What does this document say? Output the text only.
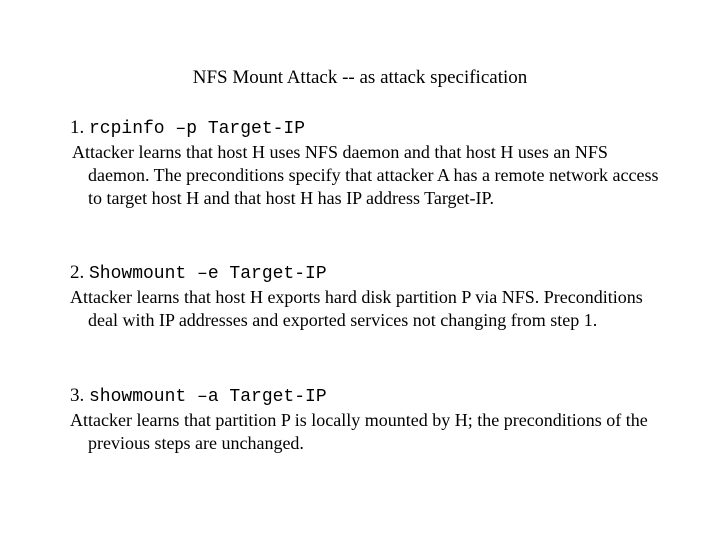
NFS Mount Attack -- as attack specification
1. rcpinfo –p Target-IP
Attacker learns that host H uses NFS daemon and that host H uses an NFS daemon. The preconditions specify that attacker A has a remote network access to target host H and that host H has IP address Target-IP.
2. Showmount –e Target-IP
Attacker learns that host H exports hard disk partition P via NFS. Preconditions deal with IP addresses and exported services not changing from step 1.
3. showmount –a Target-IP
Attacker learns that partition P is locally mounted by H; the preconditions of the previous steps are unchanged.
